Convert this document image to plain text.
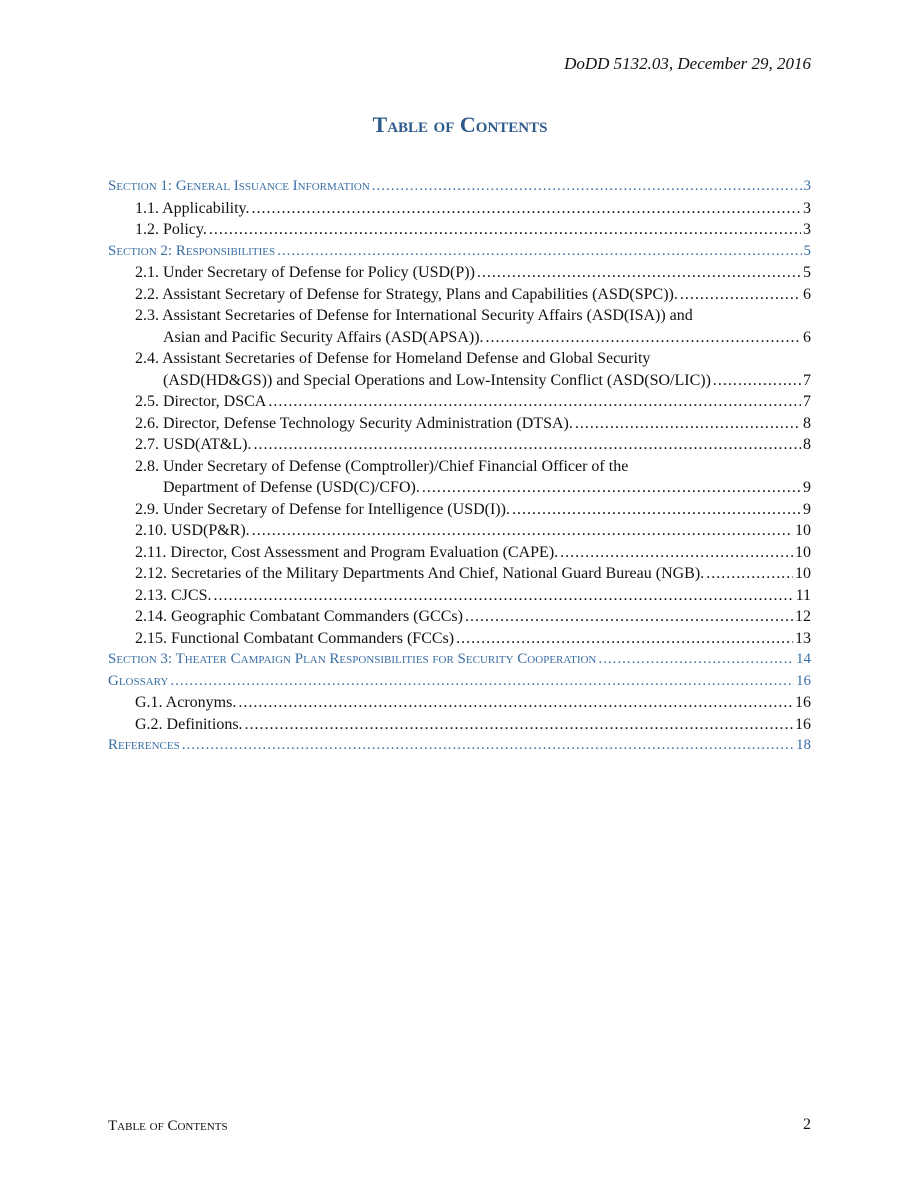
DoDD 5132.03, December 29, 2016
Table of Contents
Section 1: General Issuance Information .....	3
1.1. Applicability. .....	3
1.2. Policy. .....	3
Section 2: Responsibilities .....	5
2.1. Under Secretary of Defense for Policy (USD(P)) .....	5
2.2. Assistant Secretary of Defense for Strategy, Plans and Capabilities (ASD(SPC)). .....	6
2.3. Assistant Secretaries of Defense for International Security Affairs (ASD(ISA)) and
Asian and Pacific Security Affairs (ASD(APSA)). .....	6
2.4. Assistant Secretaries of Defense for Homeland Defense and Global Security
(ASD(HD&GS)) and Special Operations and Low-Intensity Conflict (ASD(SO/LIC)) .....	7
2.5. Director, DSCA .....	7
2.6. Director, Defense Technology Security Administration (DTSA). .....	8
2.7. USD(AT&L). .....	8
2.8. Under Secretary of Defense (Comptroller)/Chief Financial Officer of the
Department of Defense (USD(C)/CFO). .....	9
2.9. Under Secretary of Defense for Intelligence (USD(I)). .....	9
2.10. USD(P&R). .....	10
2.11. Director, Cost Assessment and Program Evaluation (CAPE). .....	10
2.12. Secretaries of the Military Departments And Chief, National Guard Bureau (NGB). .....	10
2.13. CJCS. .....	11
2.14. Geographic Combatant Commanders (GCCs) .....	12
2.15. Functional Combatant Commanders (FCCs) .....	13
Section 3: Theater Campaign Plan Responsibilities for Security Cooperation .....	14
Glossary .....	16
G.1. Acronyms. .....	16
G.2. Definitions. .....	16
References .....	18
Table of Contents	2
